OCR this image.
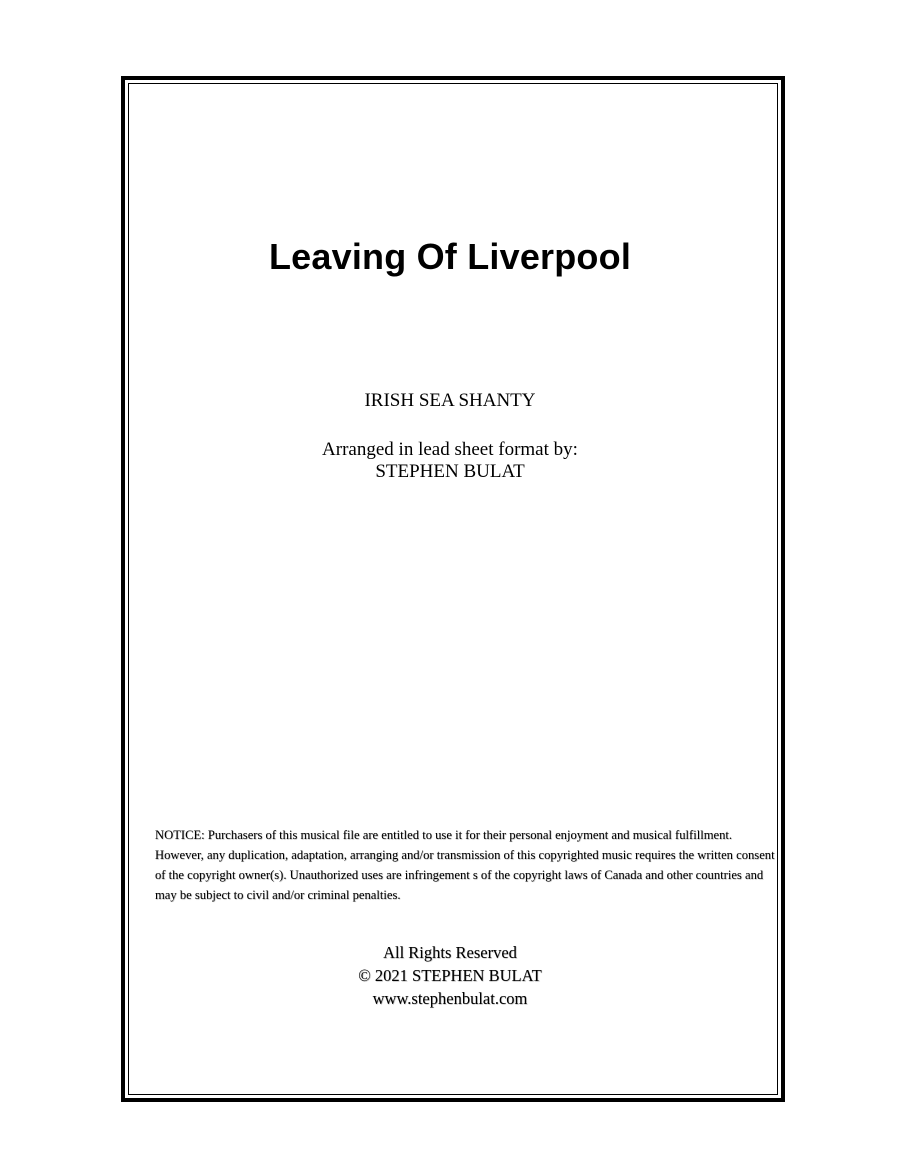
Leaving Of Liverpool

IRISH SEA SHANTY

Arranged in lead sheet format by:
STEPHEN BULAT

NOTICE: Purchasers of this musical file are entitled to use it for their personal enjoyment and musical fulfillment. However, any duplication, adaptation, arranging and/or transmission of this copyrighted music requires the written consent of the copyright owner(s). Unauthorized uses are infringement s of the copyright laws of Canada and other countries and may be subject to civil and/or criminal penalties.

All Rights Reserved
© 2021 STEPHEN BULAT
www.stephenbulat.com
